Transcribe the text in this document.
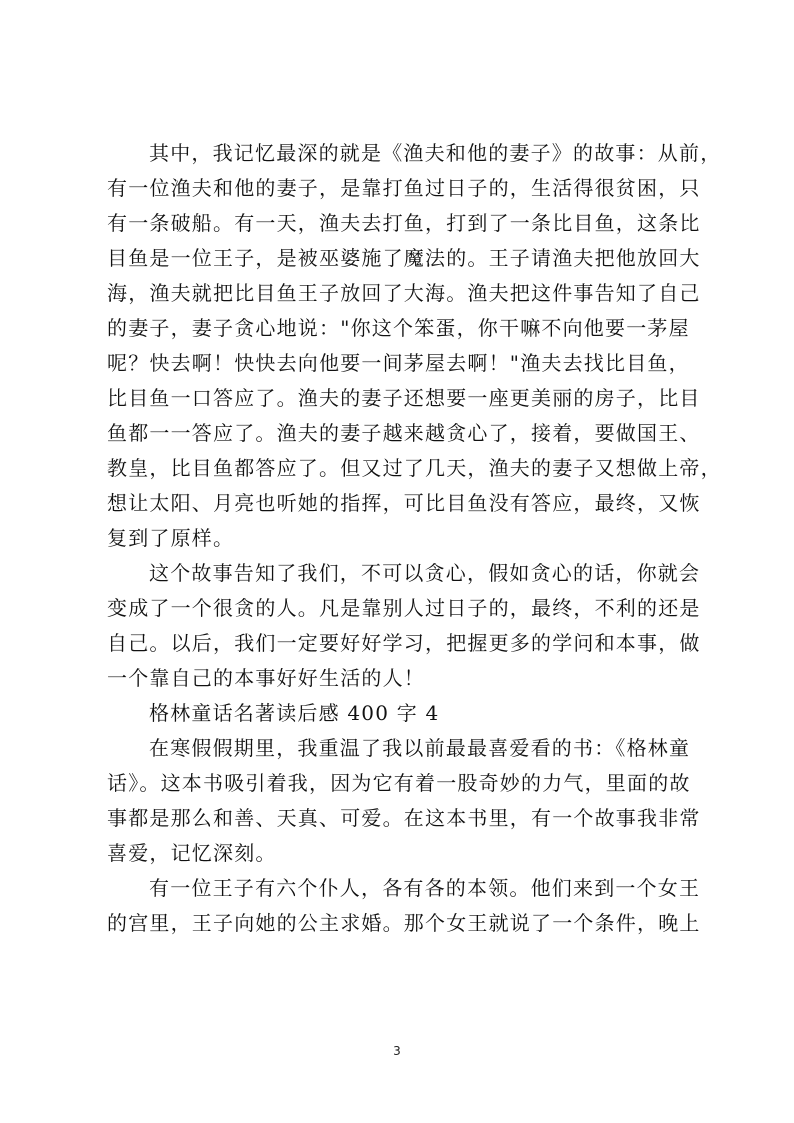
其中，我记忆最深的就是《渔夫和他的妻子》的故事：从前，
有一位渔夫和他的妻子，是靠打鱼过日子的，生活得很贫困，只
有一条破船。有一天，渔夫去打鱼，打到了一条比目鱼，这条比
目鱼是一位王子，是被巫婆施了魔法的。王子请渔夫把他放回大
海，渔夫就把比目鱼王子放回了大海。渔夫把这件事告知了自己
的妻子，妻子贪心地说："你这个笨蛋，你干嘛不向他要一茅屋
呢？快去啊！快快去向他要一间茅屋去啊！"渔夫去找比目鱼，
比目鱼一口答应了。渔夫的妻子还想要一座更美丽的房子，比目
鱼都一一答应了。渔夫的妻子越来越贪心了，接着，要做国王、
教皇，比目鱼都答应了。但又过了几天，渔夫的妻子又想做上帝，
想让太阳、月亮也听她的指挥，可比目鱼没有答应，最终，又恢
复到了原样。
这个故事告知了我们，不可以贪心，假如贪心的话，你就会
变成了一个很贪的人。凡是靠别人过日子的，最终，不利的还是
自己。以后，我们一定要好好学习，把握更多的学问和本事，做
一个靠自己的本事好好生活的人！
格林童话名著读后感 400 字 4
在寒假假期里，我重温了我以前最最喜爱看的书：《格林童
话》。这本书吸引着我，因为它有着一股奇妙的力气，里面的故
事都是那么和善、天真、可爱。在这本书里，有一个故事我非常
喜爱，记忆深刻。
有一位王子有六个仆人，各有各的本领。他们来到一个女王
的宫里，王子向她的公主求婚。那个女王就说了一个条件，晚上
3
